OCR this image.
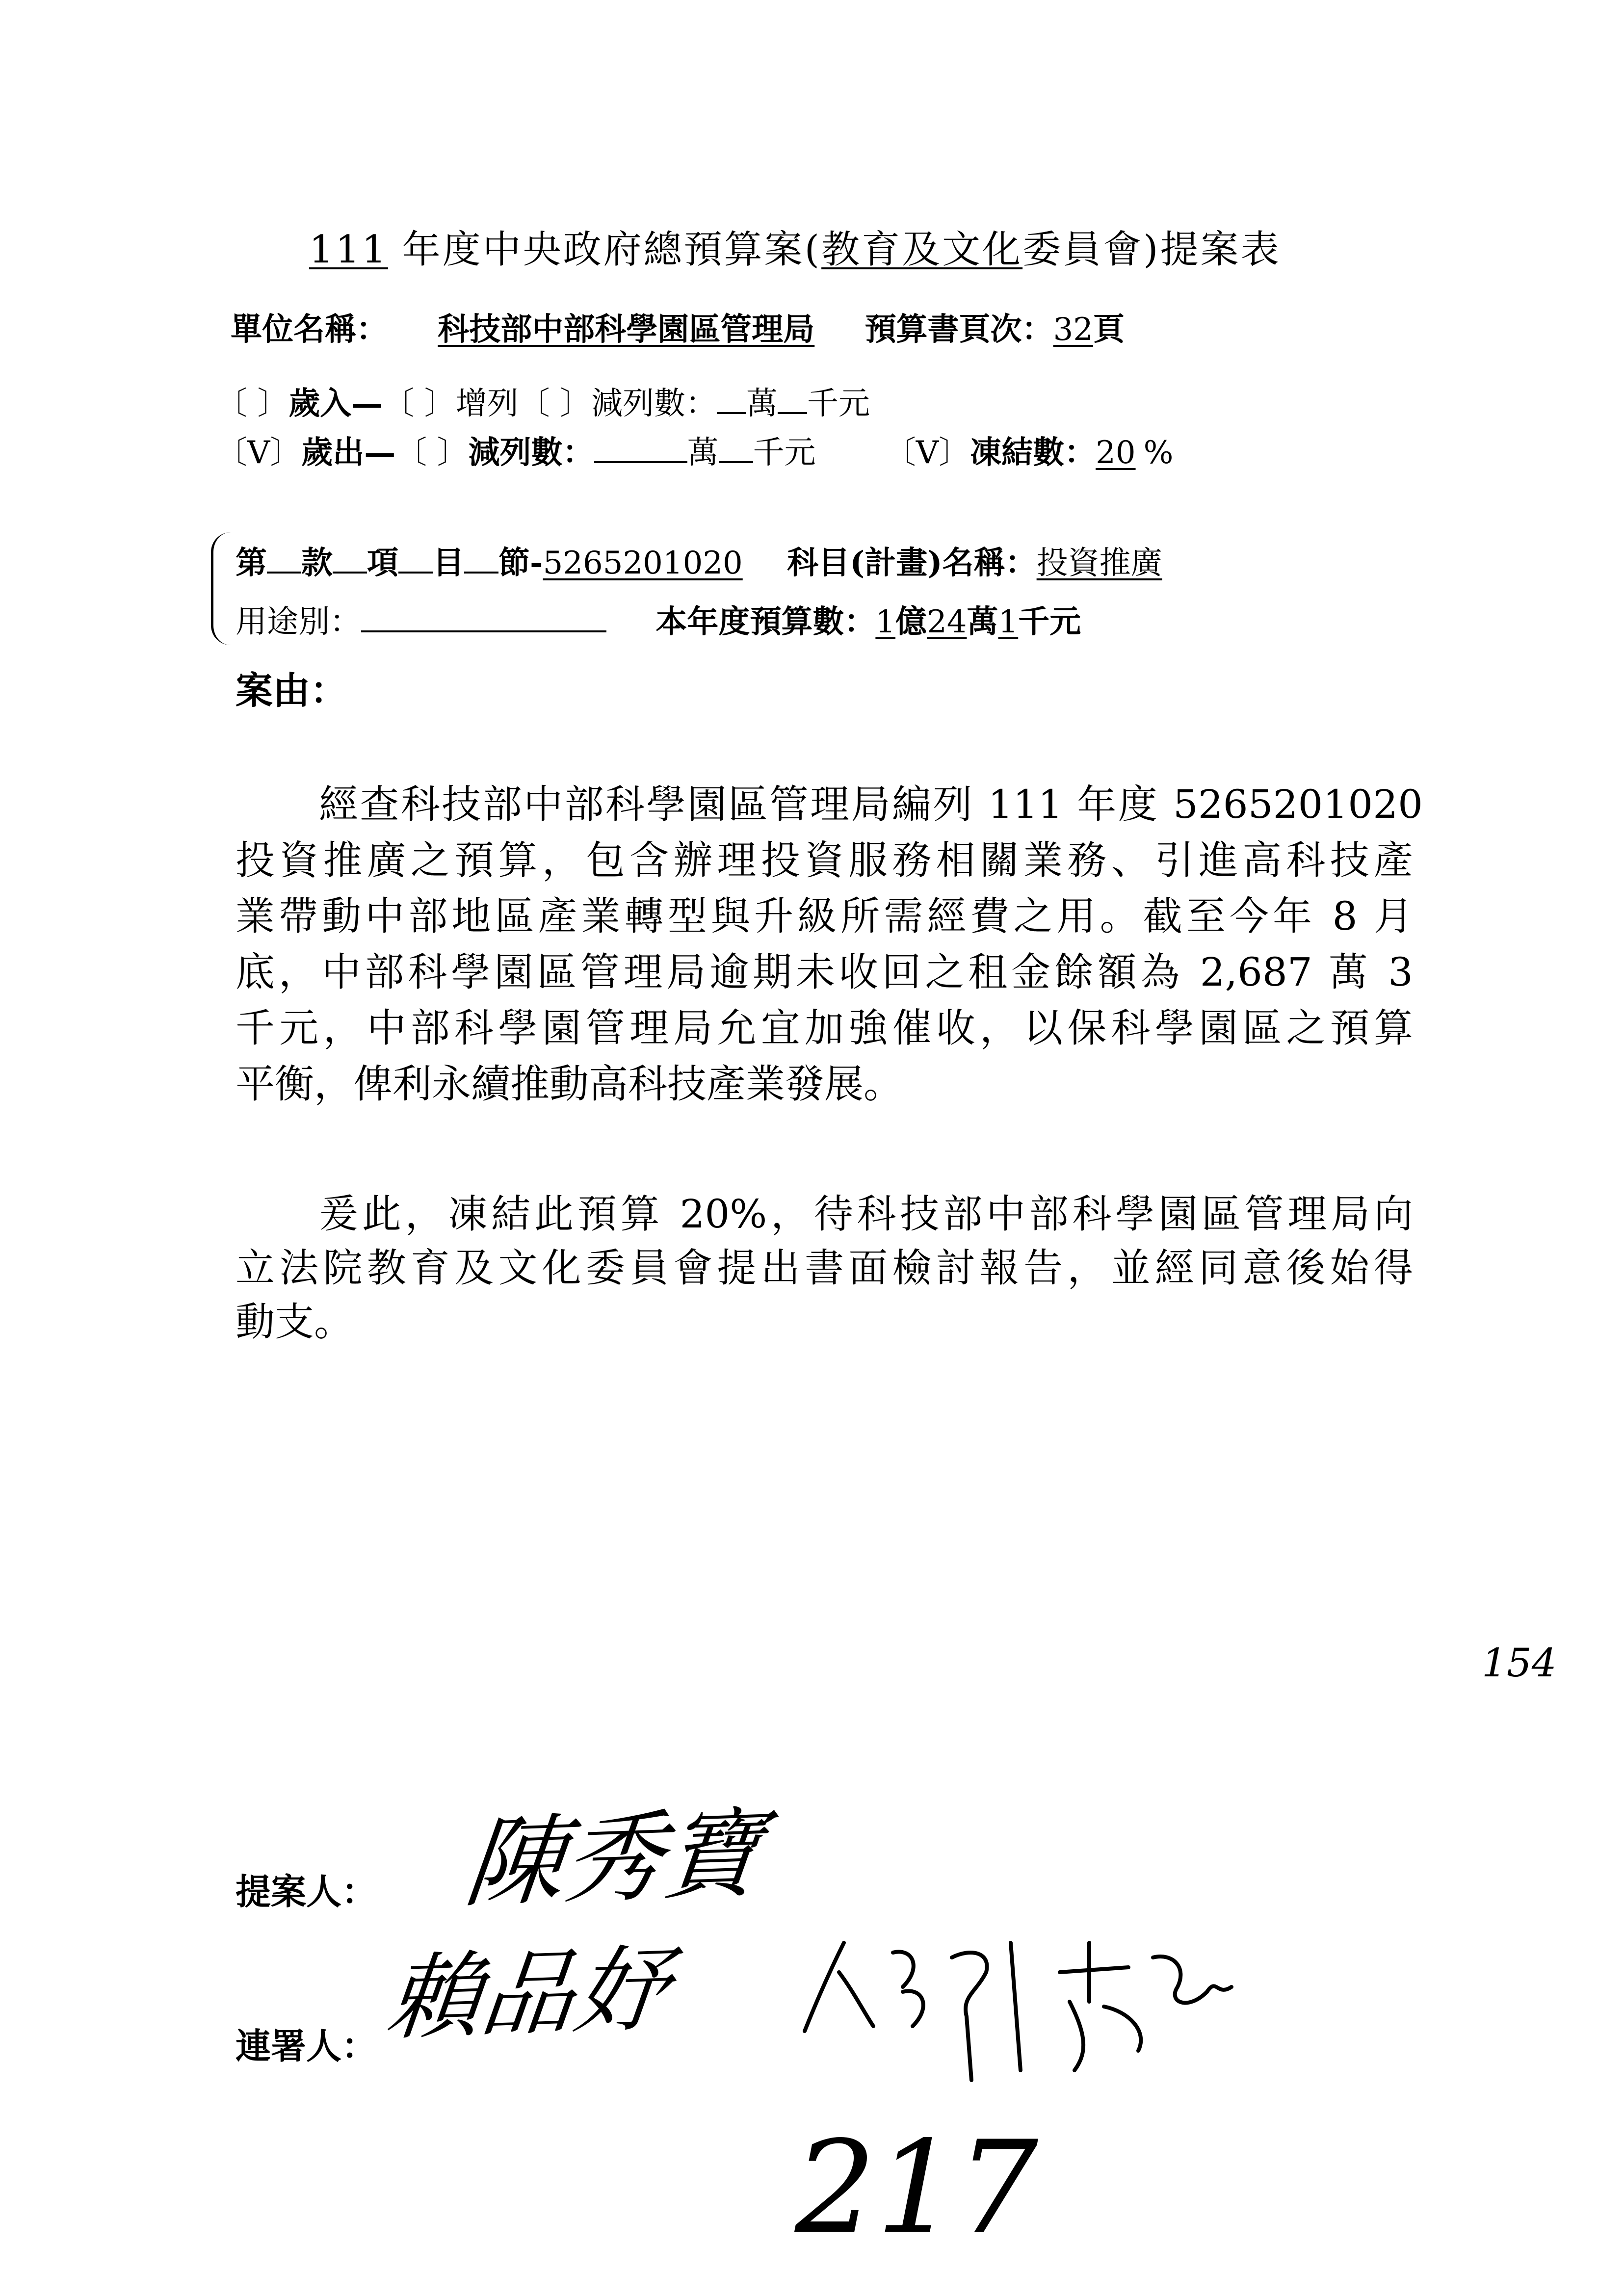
111 年度中央政府總預算案(教育及文化委員會)提案表
單位名稱： 科技部中部科學園區管理局 預算書頁次：32頁
〔 〕歲入—〔 〕增列〔 〕減列數： 萬 千元
〔V〕歲出—〔 〕減列數：	萬 千元 〔V〕凍結數：20 %
第 款 項 目 節-5265201020 科目(計畫)名稱：投資推廣
用途別：	本年度預算數：1億24萬1千元
案由：
經查科技部中部科學園區管理局編列 111 年度 5265201020
投資推廣之預算，包含辦理投資服務相關業務、引進高科技產
業帶動中部地區產業轉型與升級所需經費之用。截至今年 8 月
底，中部科學園區管理局逾期未收回之租金餘額為 2,687 萬 3
千元，中部科學園管理局允宜加強催收，以保科學園區之預算
平衡，俾利永續推動高科技產業發展。
爰此，凍結此預算 20%，待科技部中部科學園區管理局向
立法院教育及文化委員會提出書面檢討報告，並經同意後始得
動支。
提案人：
連署人：
陳秀寶
賴品妤
217
154
